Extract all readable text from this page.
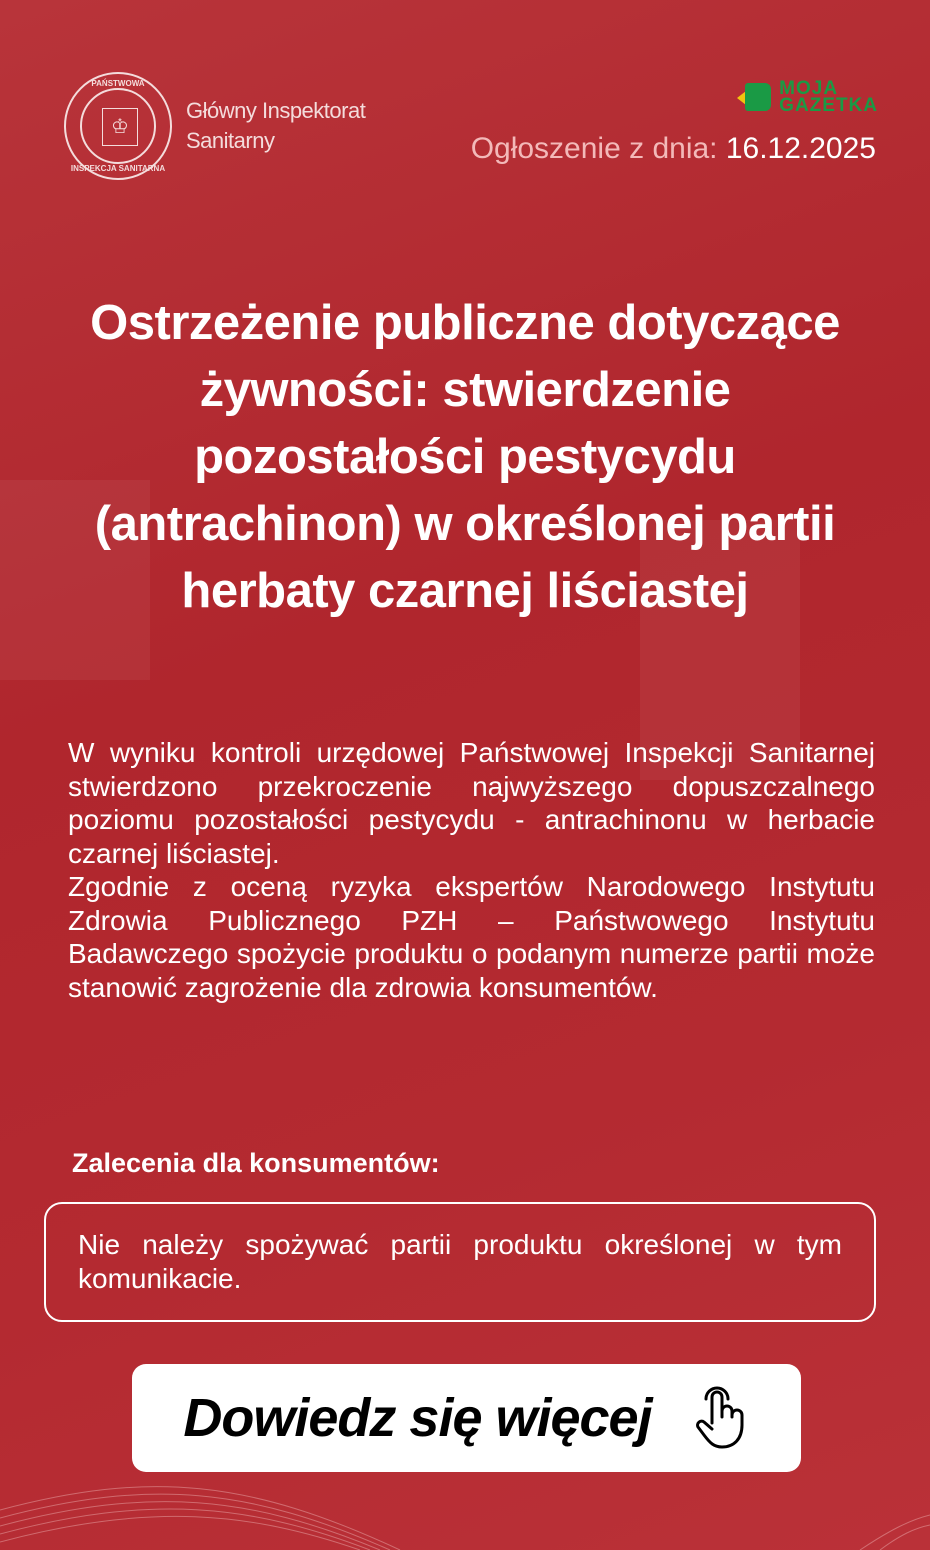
PAŃSTWOWA
♔
INSPEKCJA SANITARNA
Główny Inspektorat
Sanitarny
MOJA
GAZETKA
Ogłoszenie z dnia: 16.12.2025
Ostrzeżenie publiczne dotyczące żywności: stwierdzenie pozostałości pestycydu (antrachinon) w określonej partii herbaty czarnej liściastej

W wyniku kontroli urzędowej Państwowej Inspekcji Sanitarnej stwierdzono przekroczenie najwyższego dopuszczalnego poziomu pozostałości pestycydu - antrachinonu w herbacie czarnej liściastej.

Zgodnie z oceną ryzyka ekspertów Narodowego Instytutu Zdrowia Publicznego PZH – Państwowego Instytutu Badawczego spożycie produktu o podanym numerze partii może stanowić zagrożenie dla zdrowia konsumentów.

Zalecenia dla konsumentów:
Nie należy spożywać partii produktu określonej w tym komunikacie.
Dowiedz się więcej
